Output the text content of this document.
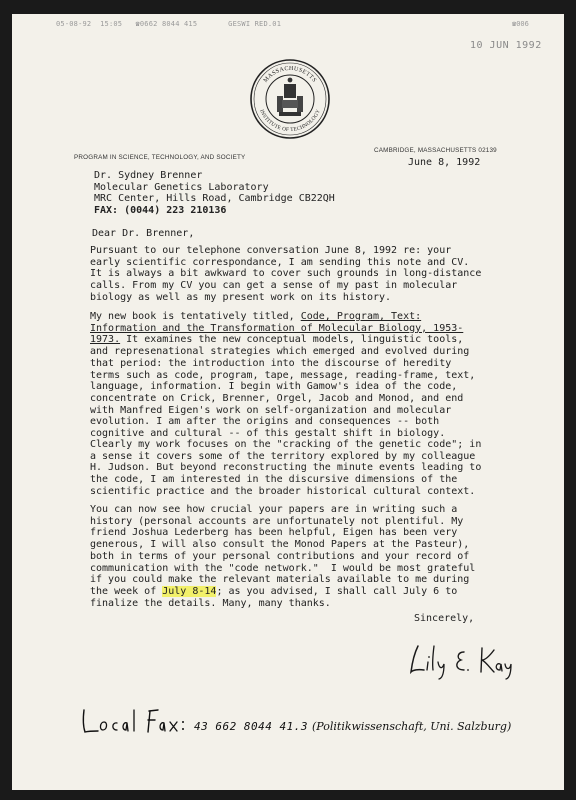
05-08-92  15:05   ☎0662 8044 415       GESWI RED.01	☎006
10 JUN 1992
MASSACHUSETTS
INSTITUTE OF TECHNOLOGY
PROGRAM IN SCIENCE, TECHNOLOGY, AND SOCIETY
CAMBRIDGE, MASSACHUSETTS 02139
June 8, 1992
Dr. Sydney Brenner
Molecular Genetics Laboratory
MRC Center, Hills Road, Cambridge CB22QH
FAX: (0044) 223 210136
Dear Dr. Brenner,
Pursuant to our telephone conversation June 8, 1992 re: your
early scientific correspondance, I am sending this note and CV.
It is always a bit awkward to cover such grounds in long-distance
calls. From my CV you can get a sense of my past in molecular
biology as well as my present work on its history.
My new book is tentatively titled, Code, Program, Text:
Information and the Transformation of Molecular Biology, 1953-
1973. It examines the new conceptual models, linguistic tools,
and represenational strategies which emerged and evolved during
that period: the introduction into the discourse of heredity
terms such as code, program, tape, message, reading-frame, text,
language, information. I begin with Gamow's idea of the code,
concentrate on Crick, Brenner, Orgel, Jacob and Monod, and end
with Manfred Eigen's work on self-organization and molecular
evolution. I am after the origins and consequences -- both
cognitive and cultural -- of this gestalt shift in biology.
Clearly my work focuses on the "cracking of the genetic code"; in
a sense it covers some of the territory explored by my colleague
H. Judson. But beyond reconstructing the minute events leading to
the code, I am interested in the discursive dimensions of the
scientific practice and the broader historical cultural context.
You can now see how crucial your papers are in writing such a
history (personal accounts are unfortunately not plentiful. My
friend Joshua Lederberg has been helpful, Eigen has been very
generous, I will also consult the Monod Papers at the Pasteur),
both in terms of your personal contributions and your record of
communication with the "code network."  I would be most grateful
if you could make the relevant materials available to me during
the week of July 8-14; as you advised, I shall call July 6 to
finalize the details. Many, many thanks.
Sincerely,
43 662 8044 41.3 (Politikwissenschaft, Uni. Salzburg)
